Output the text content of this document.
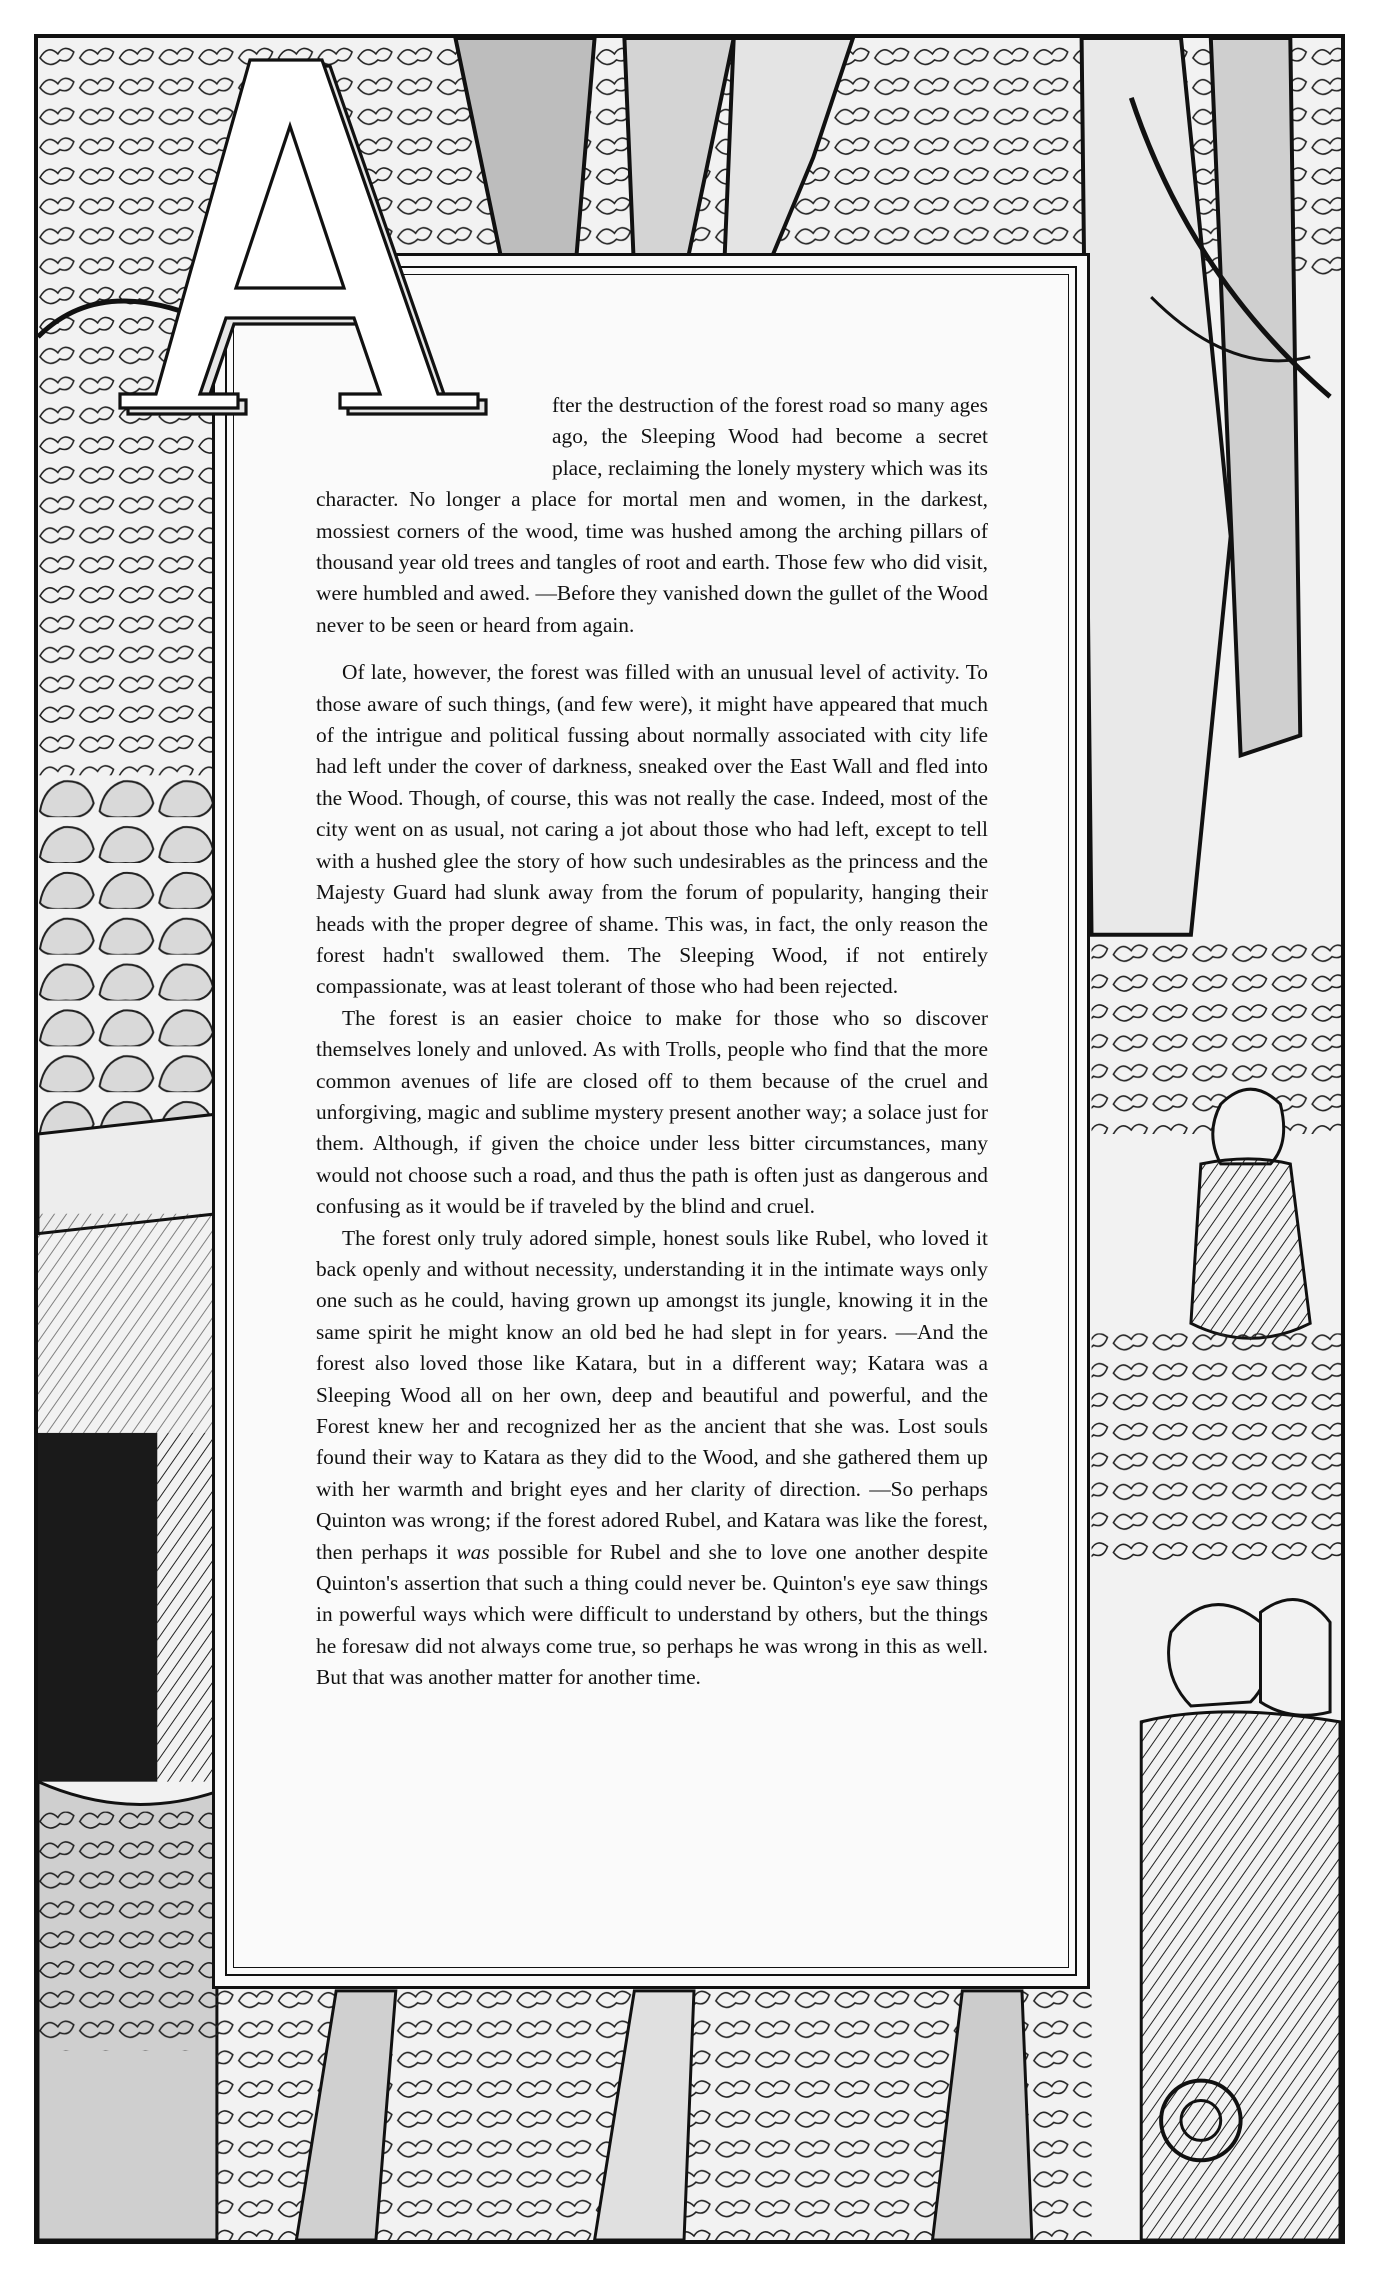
fter the destruction of the forest road so many ages ago, the Sleeping Wood had become a secret place, reclaiming the lonely mystery which was its character. No longer a place for mortal men and women, in the darkest, mossiest corners of the wood, time was hushed among the arching pillars of thousand year old trees and tangles of root and earth. Those few who did visit, were humbled and awed. —Before they vanished down the gullet of the Wood never to be seen or heard from again.

Of late, however, the forest was filled with an unusual level of activity. To those aware of such things, (and few were), it might have appeared that much of the intrigue and political fussing about normally associated with city life had left under the cover of darkness, sneaked over the East Wall and fled into the Wood. Though, of course, this was not really the case. Indeed, most of the city went on as usual, not caring a jot about those who had left, except to tell with a hushed glee the story of how such undesirables as the princess and the Majesty Guard had slunk away from the forum of popularity, hanging their heads with the proper degree of shame. This was, in fact, the only reason the forest hadn't swallowed them. The Sleeping Wood, if not entirely compassionate, was at least tolerant of those who had been rejected.

The forest is an easier choice to make for those who so discover themselves lonely and unloved. As with Trolls, people who find that the more common avenues of life are closed off to them because of the cruel and unforgiving, magic and sublime mystery present another way; a solace just for them. Although, if given the choice under less bitter circumstances, many would not choose such a road, and thus the path is often just as dangerous and confusing as it would be if traveled by the blind and cruel.

The forest only truly adored simple, honest souls like Rubel, who loved it back openly and without necessity, understanding it in the intimate ways only one such as he could, having grown up amongst its jungle, knowing it in the same spirit he might know an old bed he had slept in for years. —And the forest also loved those like Katara, but in a different way; Katara was a Sleeping Wood all on her own, deep and beautiful and powerful, and the Forest knew her and recognized her as the ancient that she was. Lost souls found their way to Katara as they did to the Wood, and she gathered them up with her warmth and bright eyes and her clarity of direction. —So perhaps Quinton was wrong; if the forest adored Rubel, and Katara was like the forest, then perhaps it was possible for Rubel and she to love one another despite Quinton's assertion that such a thing could never be. Quinton's eye saw things in powerful ways which were difficult to understand by others, but the things he foresaw did not always come true, so perhaps he was wrong in this as well. But that was another matter for another time.
